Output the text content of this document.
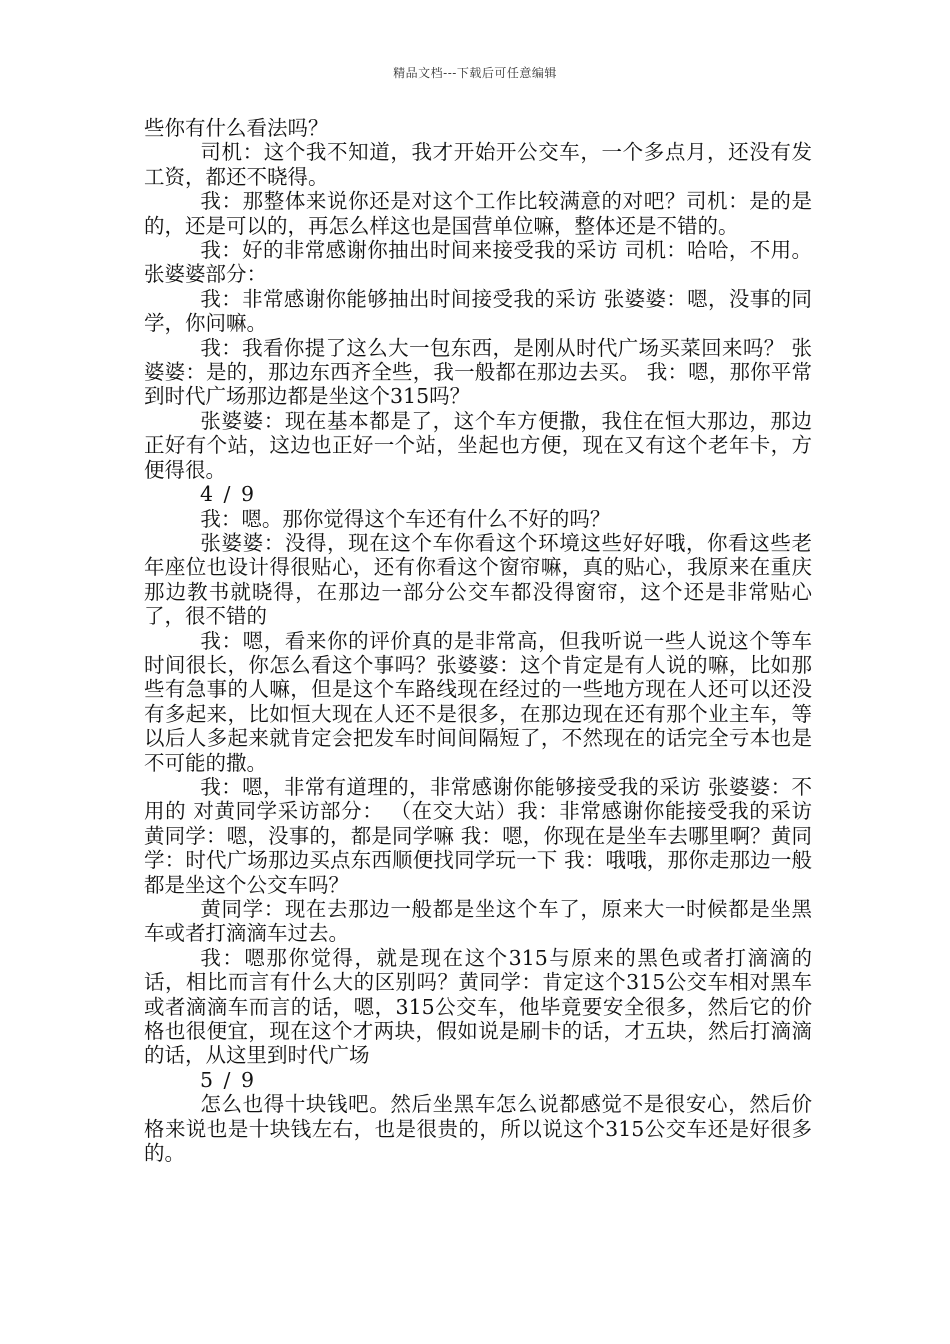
精品文档---下载后可任意编辑

些你有什么看法吗？

司机：这个我不知道，我才开始开公交车，一个多点月，还没有发工资，都还不晓得。

我：那整体来说你还是对这个工作比较满意的对吧？司机：是的是的，还是可以的，再怎么样这也是国营单位嘛，整体还是不错的。

我：好的非常感谢你抽出时间来接受我的采访 司机：哈哈，不用。 张婆婆部分：

我：非常感谢你能够抽出时间接受我的采访 张婆婆：嗯，没事的同学，你问嘛。

我：我看你提了这么大一包东西，是刚从时代广场买菜回来吗？ 张婆婆：是的，那边东西齐全些，我一般都在那边去买。 我：嗯，那你平常到时代广场那边都是坐这个315吗？

张婆婆：现在基本都是了，这个车方便撒，我住在恒大那边，那边正好有个站，这边也正好一个站，坐起也方便，现在又有这个老年卡，方便得很。

4 / 9

我：嗯。那你觉得这个车还有什么不好的吗？

张婆婆：没得，现在这个车你看这个环境这些好好哦，你看这些老年座位也设计得很贴心，还有你看这个窗帘嘛，真的贴心，我原来在重庆那边教书就晓得，在那边一部分公交车都没得窗帘，这个还是非常贴心了，很不错的

我：嗯，看来你的评价真的是非常高，但我听说一些人说这个等车时间很长，你怎么看这个事吗？张婆婆：这个肯定是有人说的嘛，比如那些有急事的人嘛，但是这个车路线现在经过的一些地方现在人还可以还没有多起来，比如恒大现在人还不是很多，在那边现在还有那个业主车，等以后人多起来就肯定会把发车时间间隔短了，不然现在的话完全亏本也是不可能的撒。

我：嗯，非常有道理的，非常感谢你能够接受我的采访 张婆婆：不用的 对黄同学采访部分： （在交大站）我：非常感谢你能接受我的采访 黄同学：嗯，没事的，都是同学嘛 我：嗯，你现在是坐车去哪里啊？黄同学：时代广场那边买点东西顺便找同学玩一下 我：哦哦，那你走那边一般都是坐这个公交车吗？

黄同学：现在去那边一般都是坐这个车了，原来大一时候都是坐黑车或者打滴滴车过去。

我：嗯那你觉得，就是现在这个315与原来的黑色或者打滴滴的话，相比而言有什么大的区别吗？黄同学：肯定这个315公交车相对黑车或者滴滴车而言的话，嗯，315公交车，他毕竟要安全很多，然后它的价格也很便宜，现在这个才两块，假如说是刷卡的话，才五块，然后打滴滴的话，从这里到时代广场

5 / 9

怎么也得十块钱吧。然后坐黑车怎么说都感觉不是很安心，然后价格来说也是十块钱左右，也是很贵的，所以说这个315公交车还是好很多的。
